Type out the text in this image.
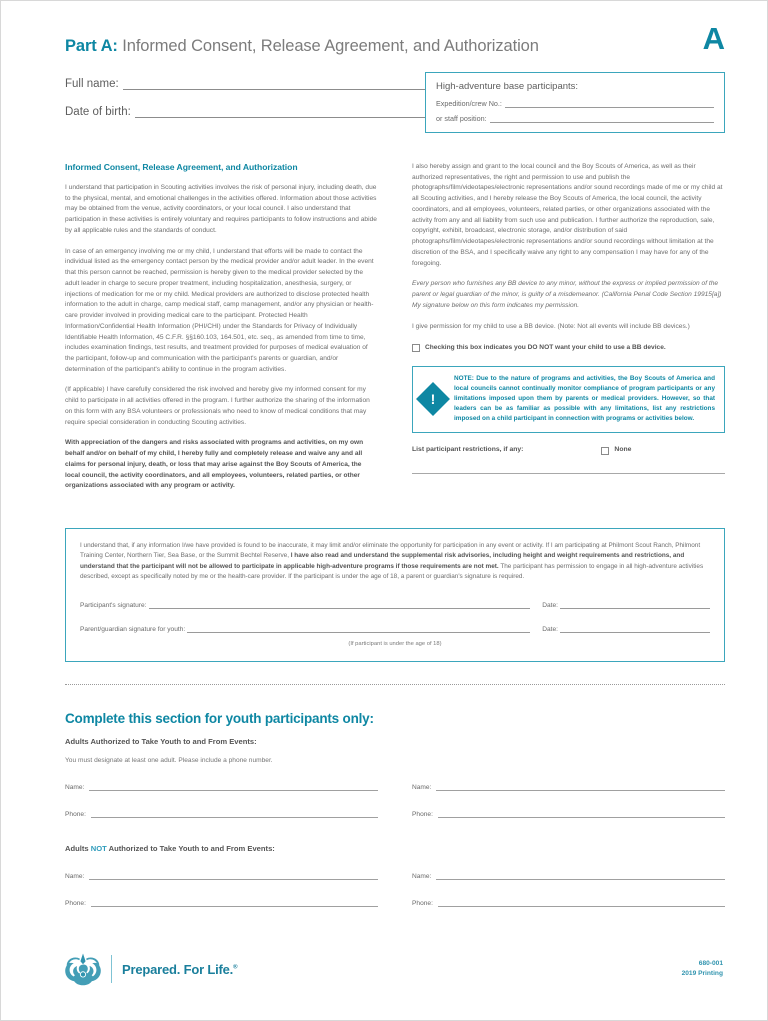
Part A: Informed Consent, Release Agreement, and Authorization	A
Full name:
Date of birth:
High-adventure base participants:
Expedition/crew No.:
or staff position:
Informed Consent, Release Agreement, and Authorization

I understand that participation in Scouting activities involves the risk of personal injury, including death, due to the physical, mental, and emotional challenges in the activities offered. Information about those activities may be obtained from the venue, activity coordinators, or your local council. I also understand that participation in these activities is entirely voluntary and requires participants to follow instructions and abide by all applicable rules and the standards of conduct.

In case of an emergency involving me or my child, I understand that efforts will be made to contact the individual listed as the emergency contact person by the medical provider and/or adult leader. In the event that this person cannot be reached, permission is hereby given to the medical provider selected by the adult leader in charge to secure proper treatment, including hospitalization, anesthesia, surgery, or injections of medication for me or my child. Medical providers are authorized to disclose protected health information to the adult in charge, camp medical staff, camp management, and/or any physician or health-care provider involved in providing medical care to the participant. Protected Health Information/Confidential Health Information (PHI/CHI) under the Standards for Privacy of Individually Identifiable Health Information, 45 C.F.R. §§160.103, 164.501, etc. seq., as amended from time to time, includes examination findings, test results, and treatment provided for purposes of medical evaluation of the participant, follow-up and communication with the participant's parents or guardian, and/or determination of the participant's ability to continue in the program activities.

(If applicable) I have carefully considered the risk involved and hereby give my informed consent for my child to participate in all activities offered in the program. I further authorize the sharing of the information on this form with any BSA volunteers or professionals who need to know of medical conditions that may require special consideration in conducting Scouting activities.

With appreciation of the dangers and risks associated with programs and activities, on my own behalf and/or on behalf of my child, I hereby fully and completely release and waive any and all claims for personal injury, death, or loss that may arise against the Boy Scouts of America, the local council, the activity coordinators, and all employees, volunteers, related parties, or other organizations associated with any program or activity.

I also hereby assign and grant to the local council and the Boy Scouts of America, as well as their authorized representatives, the right and permission to use and publish the photographs/film/videotapes/electronic representations and/or sound recordings made of me or my child at all Scouting activities, and I hereby release the Boy Scouts of America, the local council, the activity coordinators, and all employees, volunteers, related parties, or other organizations associated with the activity from any and all liability from such use and publication. I further authorize the reproduction, sale, copyright, exhibit, broadcast, electronic storage, and/or distribution of said photographs/film/videotapes/electronic representations and/or sound recordings without limitation at the discretion of the BSA, and I specifically waive any right to any compensation I may have for any of the foregoing.

Every person who furnishes any BB device to any minor, without the express or implied permission of the parent or legal guardian of the minor, is guilty of a misdemeanor. (California Penal Code Section 19915[a]) My signature below on this form indicates my permission.

I give permission for my child to use a BB device. (Note: Not all events will include BB devices.)

Checking this box indicates you DO NOT want your child to use a BB device.
!
NOTE: Due to the nature of programs and activities, the Boy Scouts of America and local councils cannot continually monitor compliance of program participants or any limitations imposed upon them by parents or medical providers. However, so that leaders can be as familiar as possible with any limitations, list any restrictions imposed on a child participant in connection with programs or activities below.
List participant restrictions, if any:	None

I understand that, if any information I/we have provided is found to be inaccurate, it may limit and/or eliminate the opportunity for participation in any event or activity. If I am participating at Philmont Scout Ranch, Philmont Training Center, Northern Tier, Sea Base, or the Summit Bechtel Reserve, I have also read and understand the supplemental risk advisories, including height and weight requirements and restrictions, and understand that the participant will not be allowed to participate in applicable high-adventure programs if those requirements are not met. The participant has permission to engage in all high-adventure activities described, except as specifically noted by me or the health-care provider. If the participant is under the age of 18, a parent or guardian's signature is required.

Participant's signature:	Date:
Parent/guardian signature for youth:	Date:
(If participant is under the age of 18)
Complete this section for youth participants only:
Adults Authorized to Take Youth to and From Events:
You must designate at least one adult. Please include a phone number.
Name:	Name:
Phone:	Phone:
Adults NOT Authorized to Take Youth to and From Events:
Name:	Name:
Phone:	Phone:
Prepared. For Life.®
680-001
2019 Printing
